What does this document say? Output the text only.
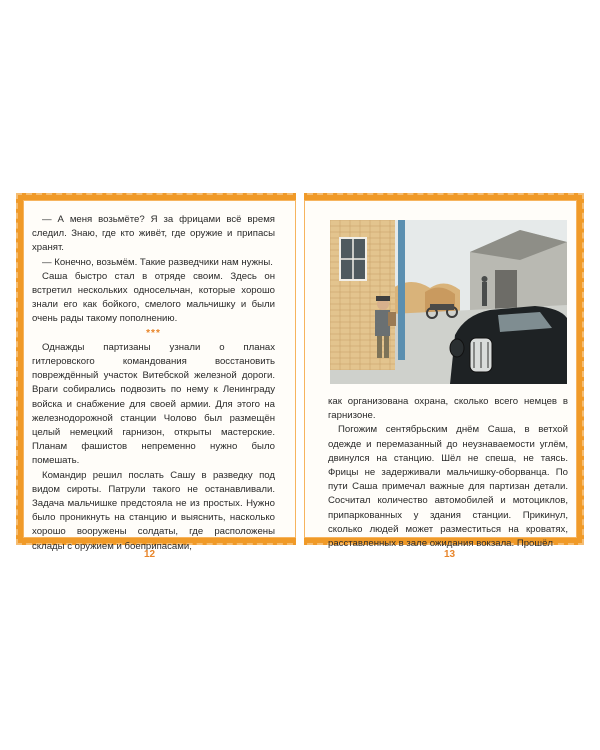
— А меня возьмёте? Я за фрицами всё время следил. Знаю, где кто живёт, где оружие и припасы хранят.

— Конечно, возьмём. Такие разведчики нам нужны.

Саша быстро стал в отряде своим. Здесь он встретил нескольких односельчан, которые хорошо знали его как бойкого, смелого мальчишку и были очень рады такому пополнению.

***

Однажды партизаны узнали о планах гитлеровского командования восстановить повреждённый участок Витебской железной дороги. Враги собирались подвозить по нему к Ленинграду войска и снабжение для своей армии. Для этого на железнодорожной станции Чолово был размещён целый немецкий гарнизон, открыты мастерские. Планам фашистов непременно нужно было помешать.

Командир решил послать Сашу в разведку под видом сироты. Патрули такого не останавливали. Задача мальчишке предстояла не из простых. Нужно было проникнуть на станцию и выяснить, насколько хорошо вооружены солдаты, где расположены склады с оружием и боеприпасами,

12

как организована охрана, сколько всего немцев в гарнизоне.

Погожим сентябрьским днём Саша, в ветхой одежде и перемазанный до неузнаваемости углём, двинулся на станцию. Шёл не спеша, не таясь. Фрицы не задерживали мальчишку-оборванца. По пути Саша примечал важные для партизан детали. Сосчитал количество автомобилей и мотоциклов, припаркованных у здания станции. Прикинул, сколько людей может разместиться на кроватях, расставленных в зале ожидания вокзала. Прошёл

13
